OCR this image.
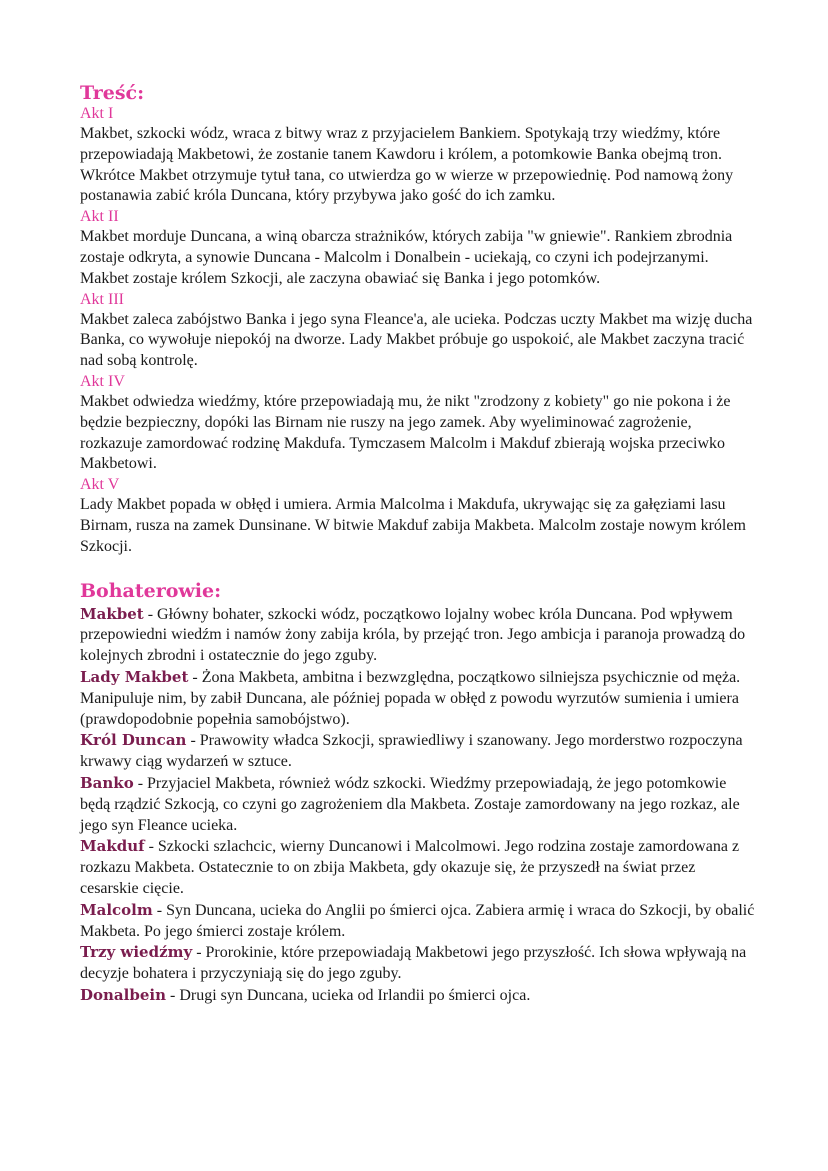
Treść:
Akt I

Makbet, szkocki wódz, wraca z bitwy wraz z przyjacielem Bankiem. Spotykają trzy wiedźmy, które przepowiadają Makbetowi, że zostanie tanem Kawdoru i królem, a potomkowie Banka obejmą tron. Wkrótce Makbet otrzymuje tytuł tana, co utwierdza go w wierze w przepowiednię. Pod namową żony postanawia zabić króla Duncana, który przybywa jako gość do ich zamku.

Akt II

Makbet morduje Duncana, a winą obarcza strażników, których zabija "w gniewie". Rankiem zbrodnia zostaje odkryta, a synowie Duncana - Malcolm i Donalbein - uciekają, co czyni ich podejrzanymi. Makbet zostaje królem Szkocji, ale zaczyna obawiać się Banka i jego potomków.

Akt III

Makbet zaleca zabójstwo Banka i jego syna Fleance'a, ale ucieka. Podczas uczty Makbet ma wizję ducha Banka, co wywołuje niepokój na dworze. Lady Makbet próbuje go uspokoić, ale Makbet zaczyna tracić nad sobą kontrolę.

Akt IV

Makbet odwiedza wiedźmy, które przepowiadają mu, że nikt "zrodzony z kobiety" go nie pokona i że będzie bezpieczny, dopóki las Birnam nie ruszy na jego zamek. Aby wyeliminować zagrożenie, rozkazuje zamordować rodzinę Makdufa. Tymczasem Malcolm i Makduf zbierają wojska przeciwko Makbetowi.

Akt V

Lady Makbet popada w obłęd i umiera. Armia Malcolma i Makdufa, ukrywając się za gałęziami lasu Birnam, rusza na zamek Dunsinane. W bitwie Makduf zabija Makbeta. Malcolm zostaje nowym królem Szkocji.

Bohaterowie:

Makbet - Główny bohater, szkocki wódz, początkowo lojalny wobec króla Duncana. Pod wpływem przepowiedni wiedźm i namów żony zabija króla, by przejąć tron. Jego ambicja i paranoja prowadzą do kolejnych zbrodni i ostatecznie do jego zguby.

Lady Makbet - Żona Makbeta, ambitna i bezwzględna, początkowo silniejsza psychicznie od męża. Manipuluje nim, by zabił Duncana, ale później popada w obłęd z powodu wyrzutów sumienia i umiera (prawdopodobnie popełnia samobójstwo).

Król Duncan - Prawowity władca Szkocji, sprawiedliwy i szanowany. Jego morderstwo rozpoczyna krwawy ciąg wydarzeń w sztuce.

Banko - Przyjaciel Makbeta, również wódz szkocki. Wiedźmy przepowiadają, że jego potomkowie będą rządzić Szkocją, co czyni go zagrożeniem dla Makbeta. Zostaje zamordowany na jego rozkaz, ale jego syn Fleance ucieka.

Makduf - Szkocki szlachcic, wierny Duncanowi i Malcolmowi. Jego rodzina zostaje zamordowana z rozkazu Makbeta. Ostatecznie to on zbija Makbeta, gdy okazuje się, że przyszedł na świat przez cesarskie cięcie.

Malcolm - Syn Duncana, ucieka do Anglii po śmierci ojca. Zabiera armię i wraca do Szkocji, by obalić Makbeta. Po jego śmierci zostaje królem.

Trzy wiedźmy - Prorokinie, które przepowiadają Makbetowi jego przyszłość. Ich słowa wpływają na decyzje bohatera i przyczyniają się do jego zguby.

Donalbein - Drugi syn Duncana, ucieka od Irlandii po śmierci ojca.
